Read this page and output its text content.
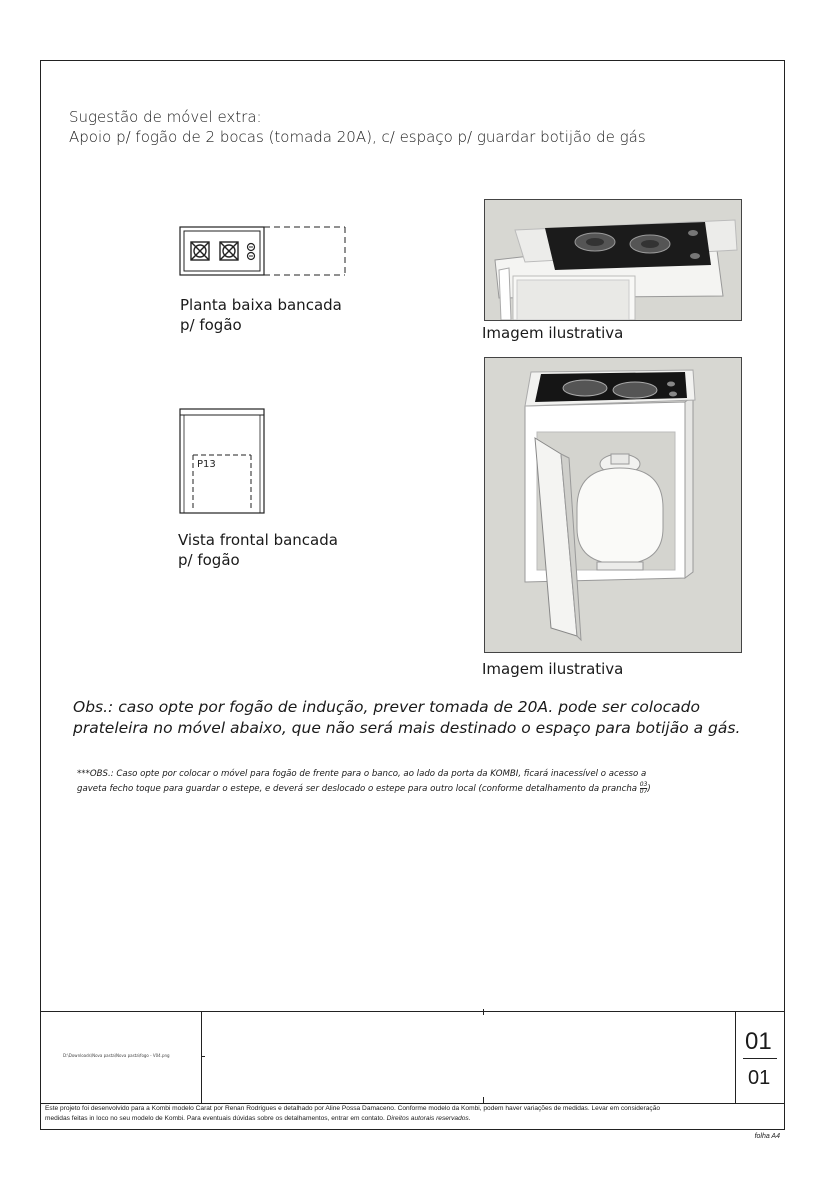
Sugestão de móvel extra:
Apoio p/ fogão de 2 bocas (tomada 20A), c/ espaço p/ guardar botijão de gás

Planta baixa bancada
p/ fogão

P13

Vista frontal bancada
p/ fogão

Imagem ilustrativa

Imagem ilustrativa

Obs.: caso opte por fogão de indução, prever tomada de 20A. pode ser colocado
prateleira no móvel abaixo, que não será mais destinado o espaço para botijão a gás.

***OBS.: Caso opte por colocar o móvel para fogão de frente para o banco, ao lado da porta da KOMBI, ficará inacessível o acesso a
gaveta fecho toque para guardar o estepe, e deverá ser deslocado o estepe para outro local (conforme detalhamento da prancha $\frac{03}{07}$ )

D:\Downloads\Nova pasta\Nova pasta\fogo - V04.png

01
01

Este projeto foi desenvolvido para a Kombi modelo Carat por Renan Rodrigues e detalhado por Aline Possa Damaceno. Conforme modelo da Kombi, podem haver variações de medidas. Levar em consideração
medidas feitas in loco no seu modelo de Kombi. Para eventuais dúvidas sobre os detalhamentos, entrar em contato. Direitos autorais reservados.

folha A4
